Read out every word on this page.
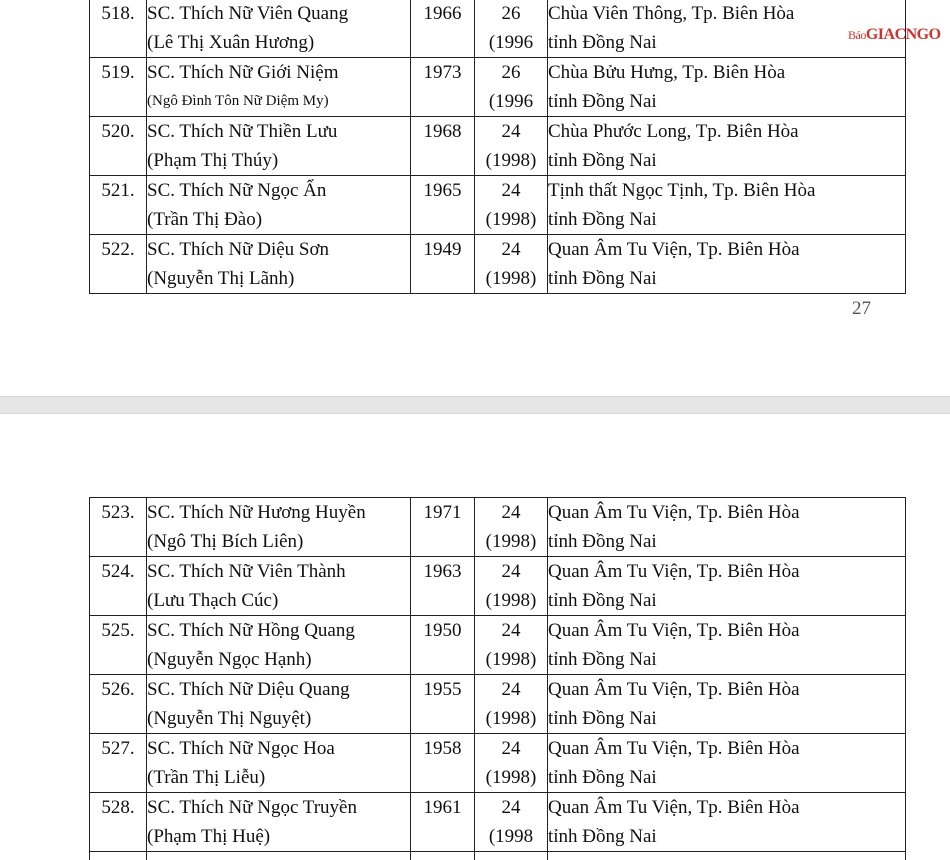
518.	SC. Thích Nữ Viên Quang
(Lê Thị Xuân Hương)	1966	26
(1996	Chùa Viên Thông, Tp. Biên Hòa
tỉnh Đồng Nai

519.	SC. Thích Nữ Giới Niệm
(Ngô Đình Tôn Nữ Diệm My)	1973	26
(1996	Chùa Bửu Hưng, Tp. Biên Hòa
tỉnh Đồng Nai

520.	SC. Thích Nữ Thiền Lưu
(Phạm Thị Thúy)	1968	24
(1998)	Chùa Phước Long, Tp. Biên Hòa
tỉnh Đồng Nai

521.	SC. Thích Nữ Ngọc Ẩn
(Trần Thị Đào)	1965	24
(1998)	Tịnh thất Ngọc Tịnh, Tp. Biên Hòa
tỉnh Đồng Nai

522.	SC. Thích Nữ Diệu Sơn
(Nguyễn Thị Lãnh)	1949	24
(1998)	Quan Âm Tu Viện, Tp. Biên Hòa
tỉnh Đồng Nai
BáoGIACNGO
27
523.	SC. Thích Nữ Hương Huyền
(Ngô Thị Bích Liên)	1971	24
(1998)	Quan Âm Tu Viện, Tp. Biên Hòa
tỉnh Đồng Nai

524.	SC. Thích Nữ Viên Thành
(Lưu Thạch Cúc)	1963	24
(1998)	Quan Âm Tu Viện, Tp. Biên Hòa
tỉnh Đồng Nai

525.	SC. Thích Nữ Hồng Quang
(Nguyễn Ngọc Hạnh)	1950	24
(1998)	Quan Âm Tu Viện, Tp. Biên Hòa
tỉnh Đồng Nai

526.	SC. Thích Nữ Diệu Quang
(Nguyễn Thị Nguyệt)	1955	24
(1998)	Quan Âm Tu Viện, Tp. Biên Hòa
tỉnh Đồng Nai

527.	SC. Thích Nữ Ngọc Hoa
(Trần Thị Liễu)	1958	24
(1998)	Quan Âm Tu Viện, Tp. Biên Hòa
tỉnh Đồng Nai

528.	SC. Thích Nữ Ngọc Truyền
(Phạm Thị Huệ)	1961	24
(1998	Quan Âm Tu Viện, Tp. Biên Hòa
tỉnh Đồng Nai
